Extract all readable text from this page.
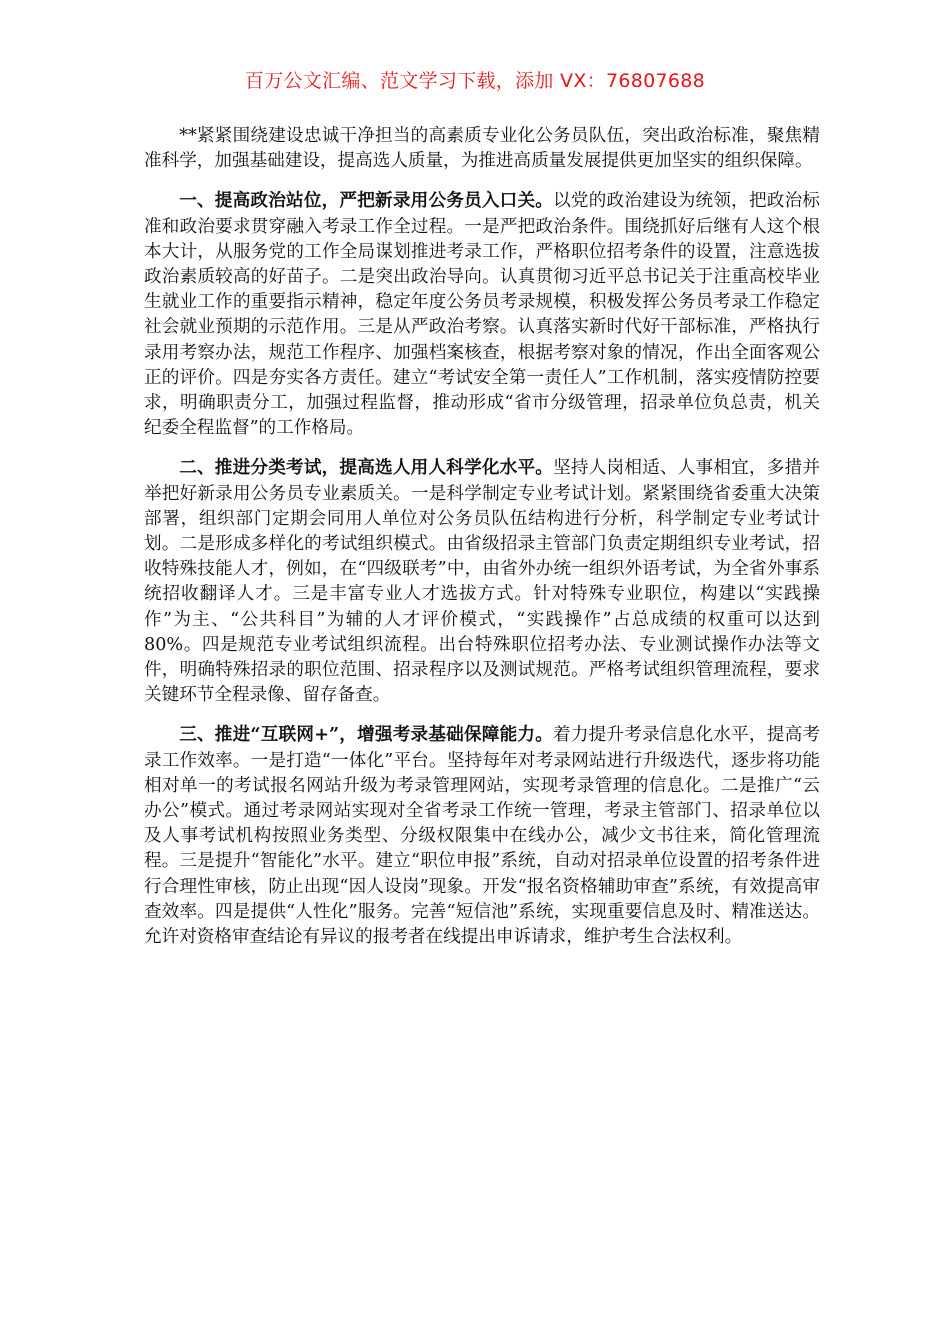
百万公文汇编、范文学习下载，添加 VX：76807688

**紧紧围绕建设忠诚干净担当的高素质专业化公务员队伍，突出政治标准，聚焦精准科学，加强基础建设，提高选人质量，为推进高质量发展提供更加坚实的组织保障。

一、提高政治站位，严把新录用公务员入口关。以党的政治建设为统领，把政治标准和政治要求贯穿融入考录工作全过程。一是严把政治条件。围绕抓好后继有人这个根本大计，从服务党的工作全局谋划推进考录工作，严格职位招考条件的设置，注意选拔政治素质较高的好苗子。二是突出政治导向。认真贯彻习近平总书记关于注重高校毕业生就业工作的重要指示精神，稳定年度公务员考录规模，积极发挥公务员考录工作稳定社会就业预期的示范作用。三是从严政治考察。认真落实新时代好干部标准，严格执行录用考察办法，规范工作程序、加强档案核查，根据考察对象的情况，作出全面客观公正的评价。四是夯实各方责任。建立“考试安全第一责任人”工作机制，落实疫情防控要求，明确职责分工，加强过程监督，推动形成“省市分级管理，招录单位负总责，机关纪委全程监督”的工作格局。

二、推进分类考试，提高选人用人科学化水平。坚持人岗相适、人事相宜，多措并举把好新录用公务员专业素质关。一是科学制定专业考试计划。紧紧围绕省委重大决策部署，组织部门定期会同用人单位对公务员队伍结构进行分析，科学制定专业考试计划。二是形成多样化的考试组织模式。由省级招录主管部门负责定期组织专业考试，招收特殊技能人才，例如，在“四级联考”中，由省外办统一组织外语考试，为全省外事系统招收翻译人才。三是丰富专业人才选拔方式。针对特殊专业职位，构建以“实践操作”为主、“公共科目”为辅的人才评价模式，“实践操作”占总成绩的权重可以达到 80%。四是规范专业考试组织流程。出台特殊职位招考办法、专业测试操作办法等文件，明确特殊招录的职位范围、招录程序以及测试规范。严格考试组织管理流程，要求关键环节全程录像、留存备查。

三、推进“互联网+”，增强考录基础保障能力。着力提升考录信息化水平，提高考录工作效率。一是打造“一体化”平台。坚持每年对考录网站进行升级迭代，逐步将功能相对单一的考试报名网站升级为考录管理网站，实现考录管理的信息化。二是推广“云办公”模式。通过考录网站实现对全省考录工作统一管理，考录主管部门、招录单位以及人事考试机构按照业务类型、分级权限集中在线办公，减少文书往来，简化管理流程。三是提升“智能化”水平。建立“职位申报”系统，自动对招录单位设置的招考条件进行合理性审核，防止出现“因人设岗”现象。开发“报名资格辅助审查”系统，有效提高审查效率。四是提供“人性化”服务。完善“短信池”系统，实现重要信息及时、精准送达。允许对资格审查结论有异议的报考者在线提出申诉请求，维护考生合法权利。
